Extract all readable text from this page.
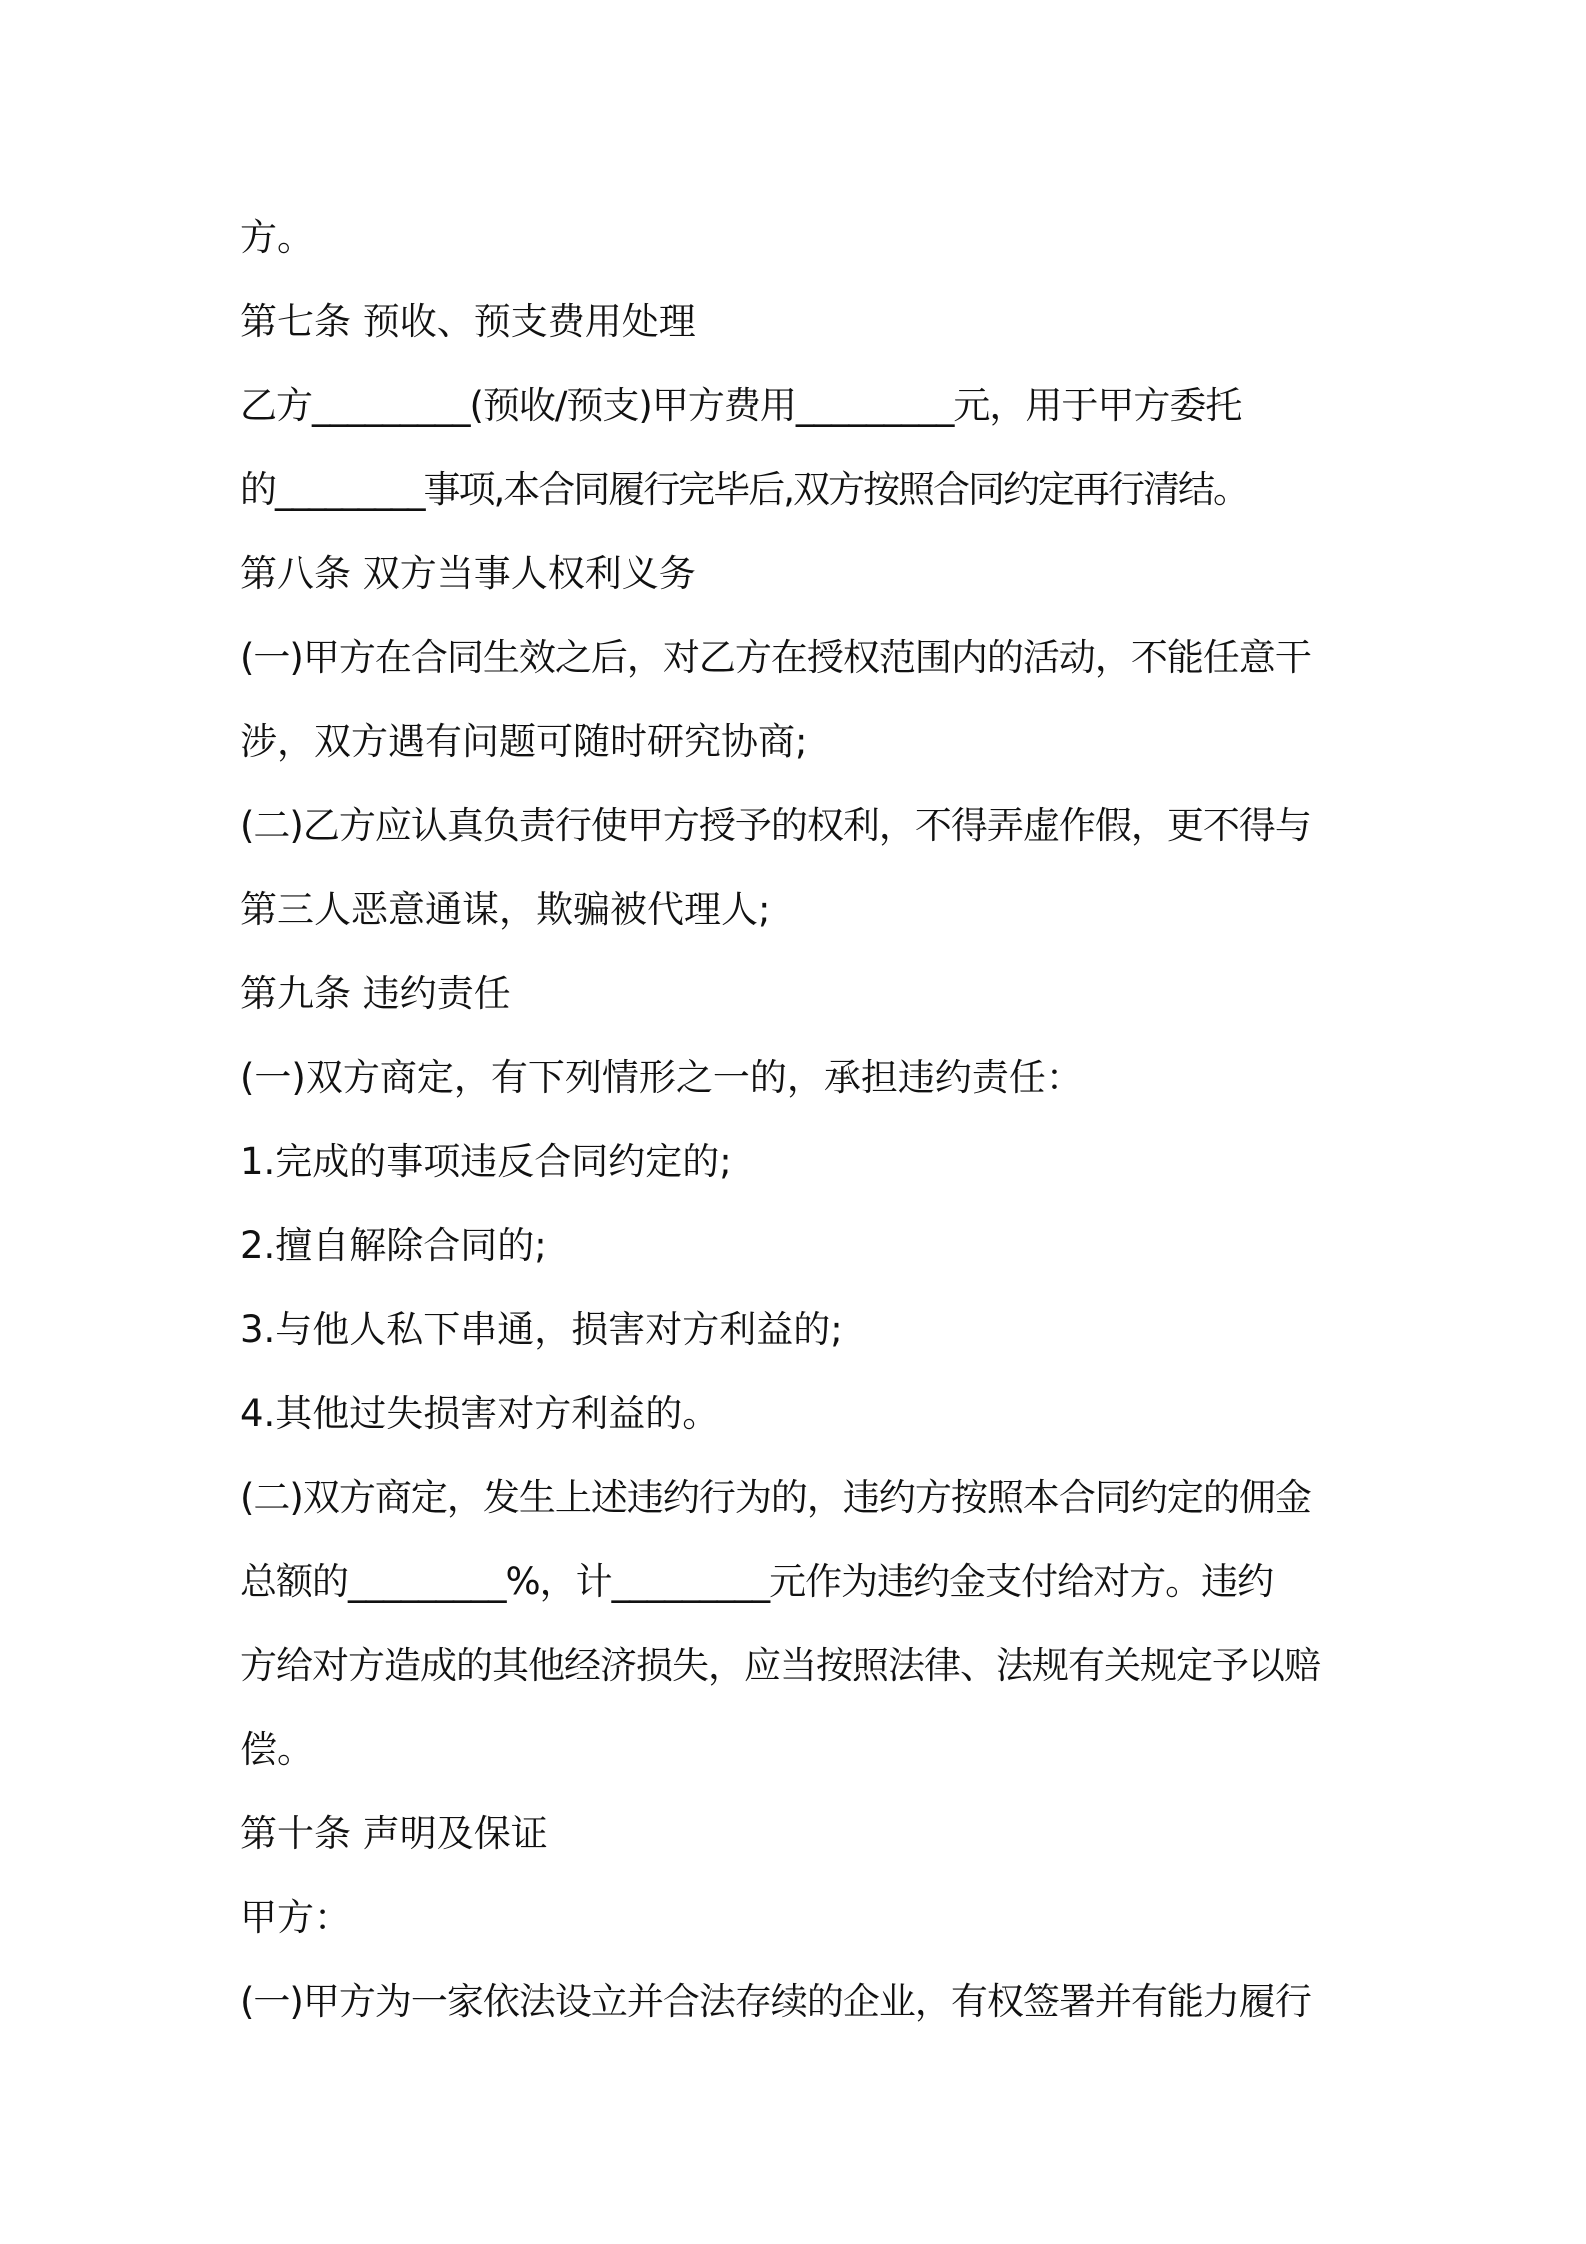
方。
第七条 预收、预支费用处理
乙方_________(预收/预支)甲方费用_________元，用于甲方委托
的_________事项,本合同履行完毕后,双方按照合同约定再行清结。
第八条 双方当事人权利义务
(一)甲方在合同生效之后，对乙方在授权范围内的活动，不能任意干
涉，双方遇有问题可随时研究协商;
(二)乙方应认真负责行使甲方授予的权利，不得弄虚作假，更不得与
第三人恶意通谋，欺骗被代理人;
第九条 违约责任
(一)双方商定，有下列情形之一的，承担违约责任：
1.完成的事项违反合同约定的;
2.擅自解除合同的;
3.与他人私下串通，损害对方利益的;
4.其他过失损害对方利益的。
(二)双方商定，发生上述违约行为的，违约方按照本合同约定的佣金
总额的_________%，计_________元作为违约金支付给对方。违约
方给对方造成的其他经济损失，应当按照法律、法规有关规定予以赔
偿。
第十条 声明及保证
甲方：
(一)甲方为一家依法设立并合法存续的企业，有权签署并有能力履行
